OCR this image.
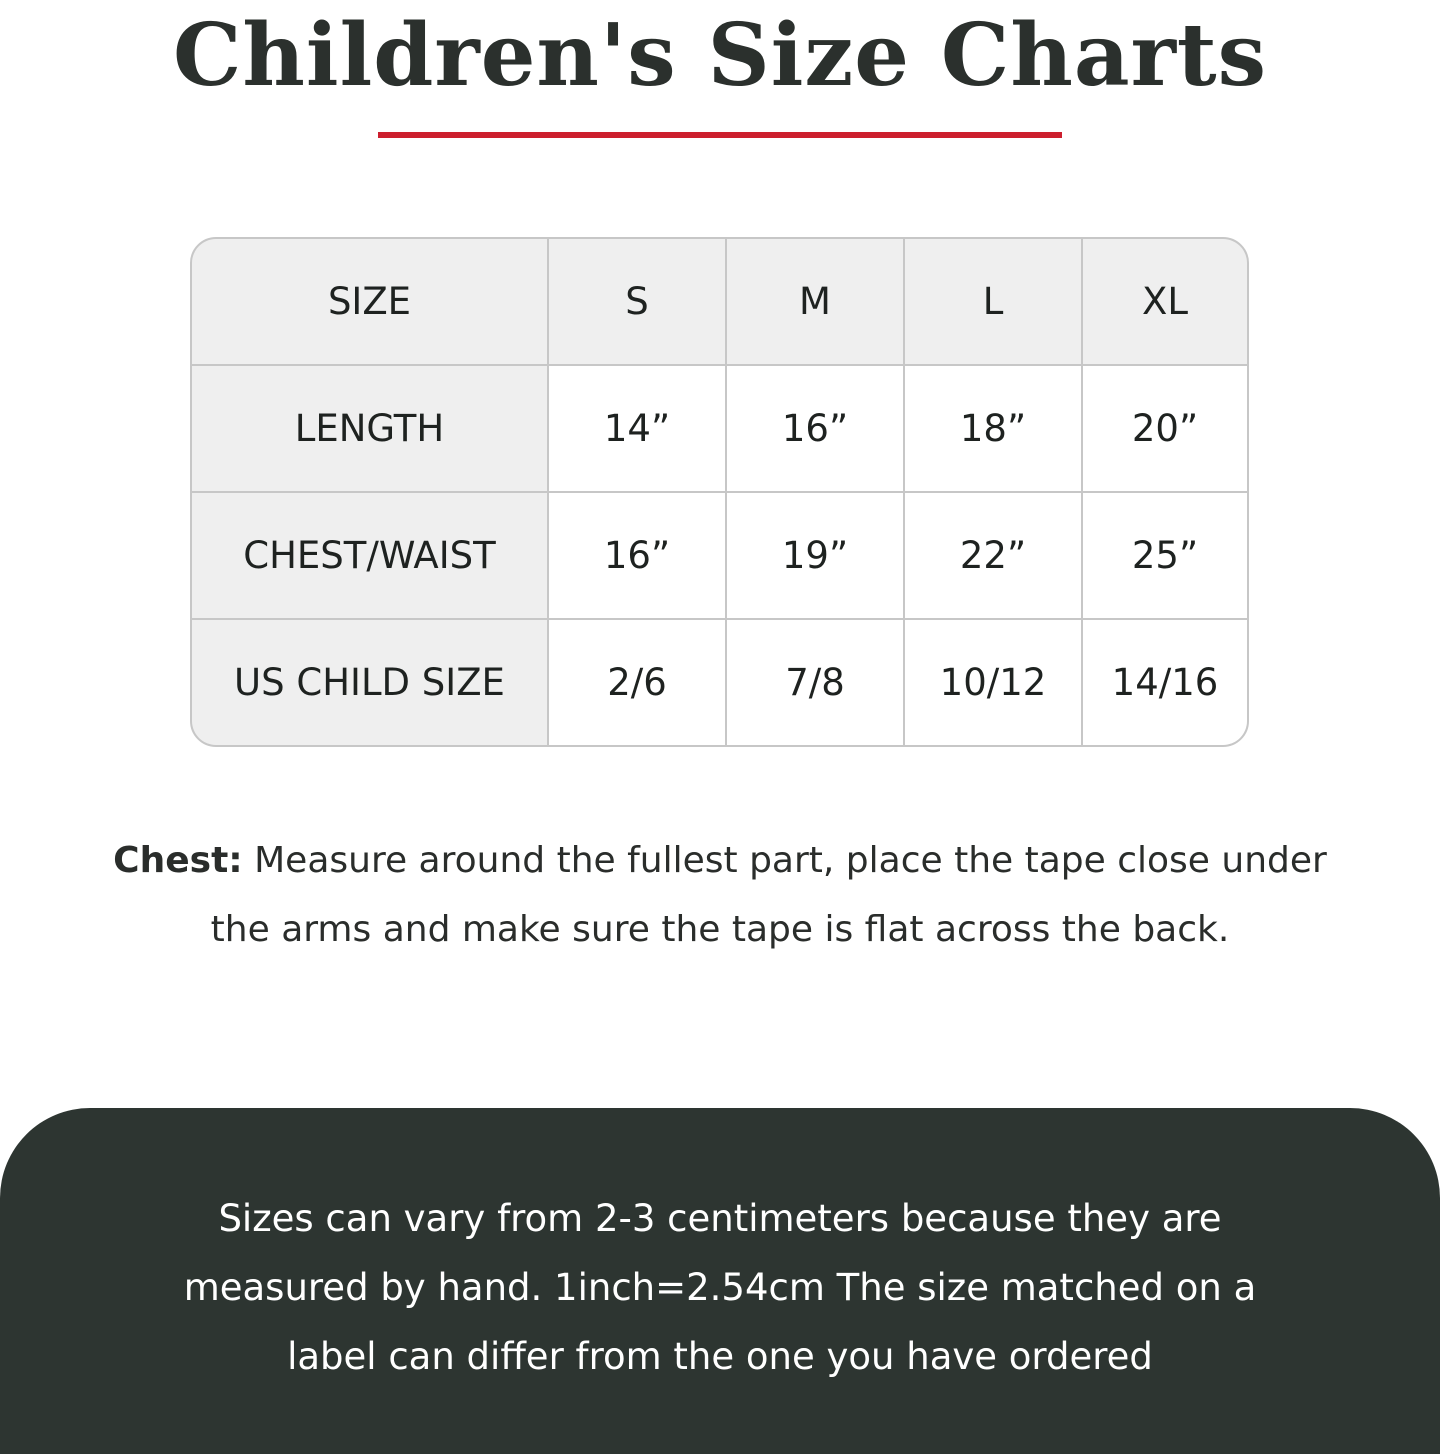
Children's Size Charts
SIZE	S	M	L	XL
LENGTH	14”	16”	18”	20”
CHEST/WAIST	16”	19”	22”	25”
US CHILD SIZE	2/6	7/8	10/12	14/16

Chest: Measure around the fullest part, place the tape close under the arms and make sure the tape is flat across the back.

Sizes can vary from 2-3 centimeters because they are measured by hand. 1inch=2.54cm The size matched on a label can differ from the one you have ordered
